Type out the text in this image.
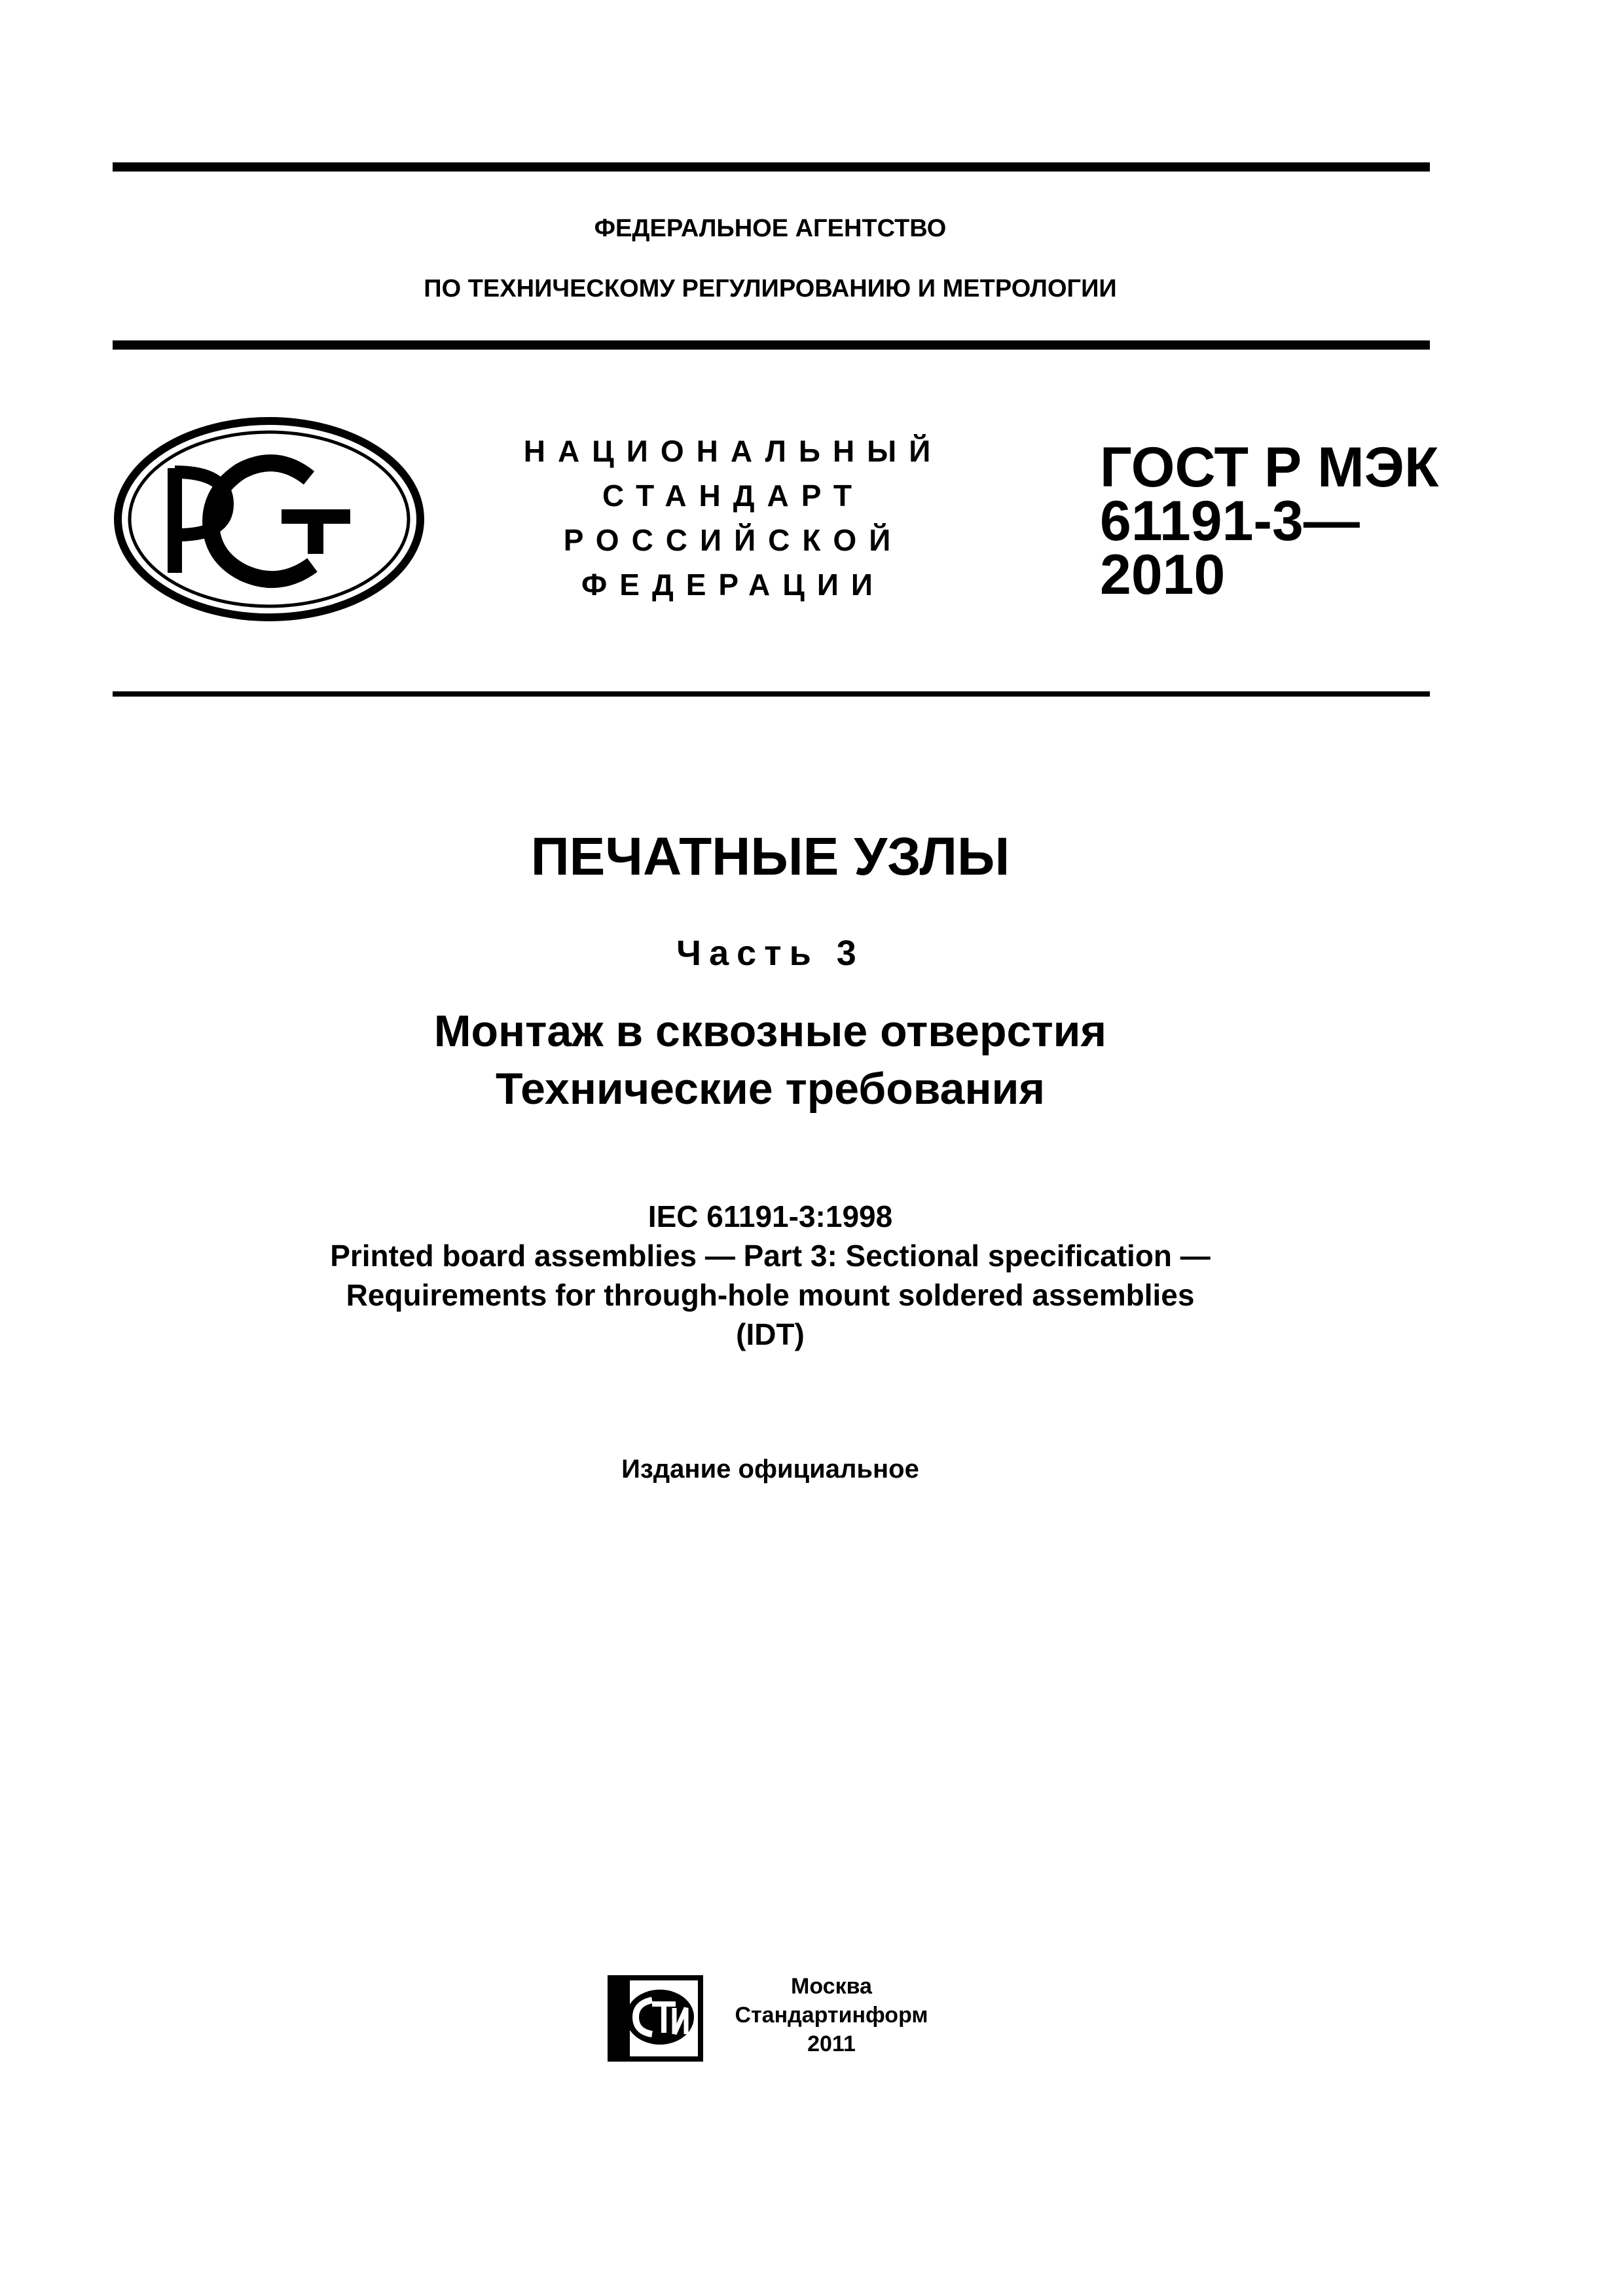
ФЕДЕРАЛЬНОЕ АГЕНТСТВО
ПО ТЕХНИЧЕСКОМУ РЕГУЛИРОВАНИЮ И МЕТРОЛОГИИ
НАЦИОНАЛЬНЫЙ
СТАНДАРТ
РОССИЙСКОЙ
ФЕДЕРАЦИИ
ГОСТ Р МЭК
61191-3—
2010
ПЕЧАТНЫЕ УЗЛЫ
Часть 3
Монтаж в сквозные отверстия
Технические требования
IEC 61191-3:1998
Printed board assemblies — Part 3: Sectional specification —
Requirements for through-hole mount soldered assemblies
(IDT)
Издание официальное
Москва
Стандартинформ
2011
